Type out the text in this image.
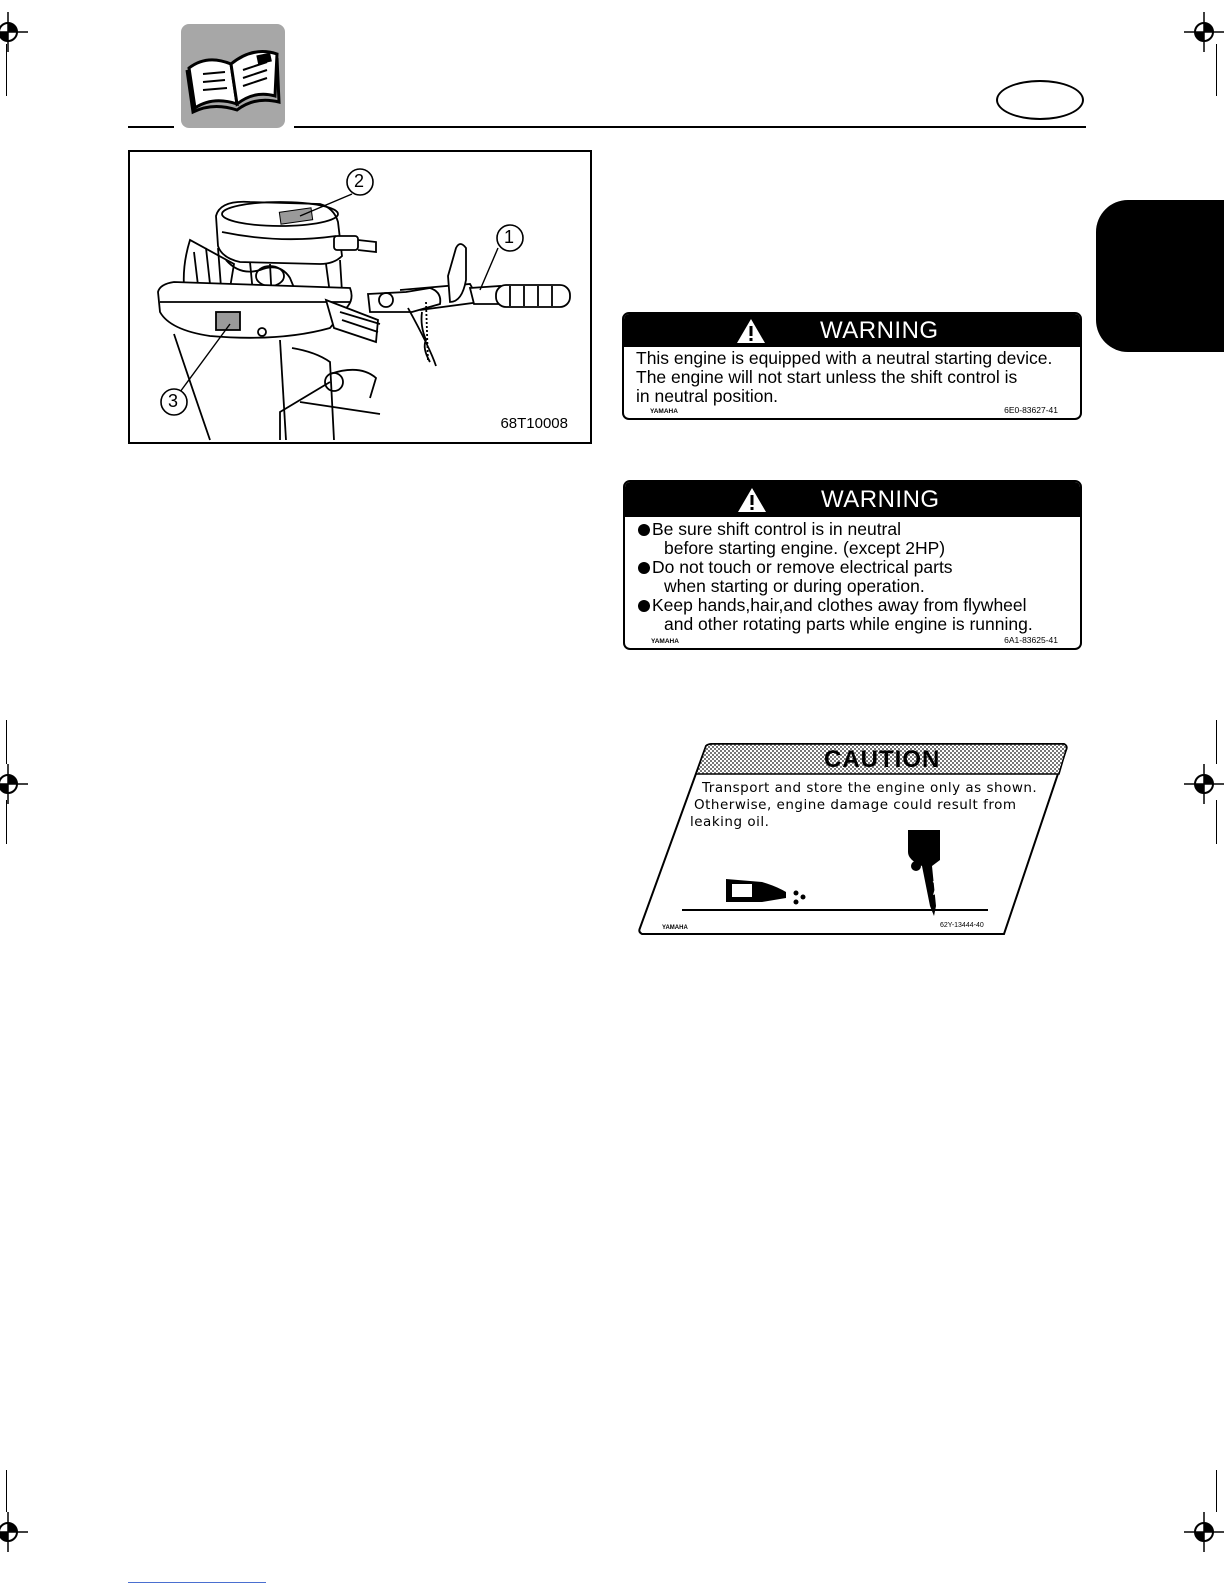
2
1
3
68T10008
WARNING
This engine is equipped with a neutral starting device.
The engine will not start unless the shift control is
in neutral position.
YAMAHA	6E0-83627-41
WARNING
Be sure shift control is in neutral
before starting engine. (except 2HP)
Do not touch or remove electrical parts
when starting or during operation.
Keep hands,hair,and clothes away from flywheel
and other rotating parts while engine is running.
YAMAHA	6A1-83625-41
CAUTION
Transport and store the engine only as shown.
Otherwise, engine damage could result from
leaking oil.
YAMAHA	62Y-13444-40
